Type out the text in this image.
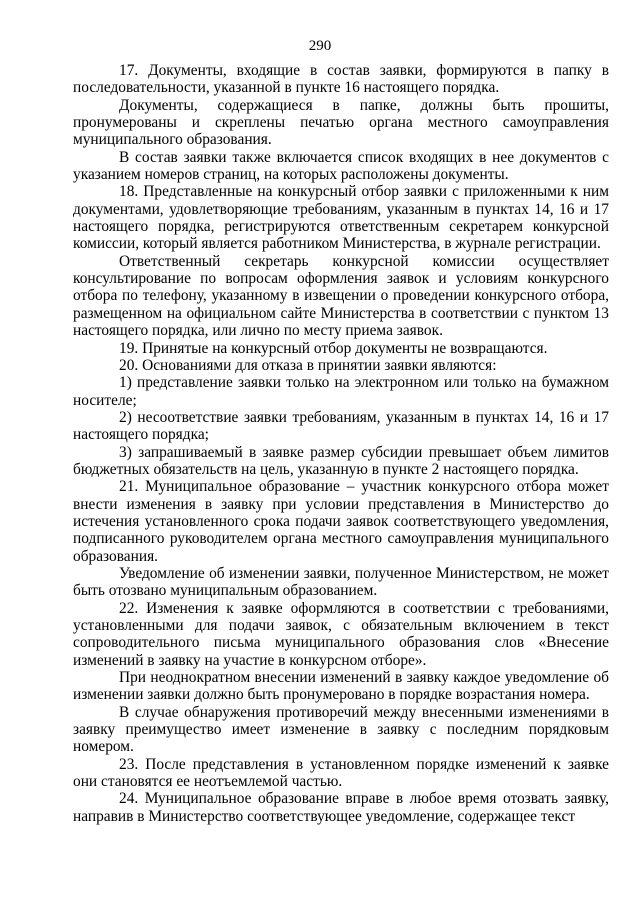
290

17. Документы, входящие в состав заявки, формируются в папку в последовательности, указанной в пункте 16 настоящего порядка.

Документы, содержащиеся в папке, должны быть прошиты, пронумерованы и скреплены печатью органа местного самоуправления муниципального образования.

В состав заявки также включается список входящих в нее документов с указанием номеров страниц, на которых расположены документы.

18. Представленные на конкурсный отбор заявки с приложенными к ним документами, удовлетворяющие требованиям, указанным в пунктах 14, 16 и 17 настоящего порядка, регистрируются ответственным секретарем конкурсной комиссии, который является работником Министерства, в журнале регистрации.

Ответственный секретарь конкурсной комиссии осуществляет консультирование по вопросам оформления заявок и условиям конкурсного отбора по телефону, указанному в извещении о проведении конкурсного отбора, размещенном на официальном сайте Министерства в соответствии с пунктом 13 настоящего порядка, или лично по месту приема заявок.

19. Принятые на конкурсный отбор документы не возвращаются.

20. Основаниями для отказа в принятии заявки являются:

1) представление заявки только на электронном или только на бумажном носителе;

2) несоответствие заявки требованиям, указанным в пунктах 14, 16 и 17 настоящего порядка;

3) запрашиваемый в заявке размер субсидии превышает объем лимитов бюджетных обязательств на цель, указанную в пункте 2 настоящего порядка.

21. Муниципальное образование – участник конкурсного отбора может внести изменения в заявку при условии представления в Министерство до истечения установленного срока подачи заявок соответствующего уведомления, подписанного руководителем органа местного самоуправления муниципального образования.

Уведомление об изменении заявки, полученное Министерством, не может быть отозвано муниципальным образованием.

22. Изменения к заявке оформляются в соответствии с требованиями, установленными для подачи заявок, с обязательным включением в текст сопроводительного письма муниципального образования слов «Внесение изменений в заявку на участие в конкурсном отборе».

При неоднократном внесении изменений в заявку каждое уведомление об изменении заявки должно быть пронумеровано в порядке возрастания номера.

В случае обнаружения противоречий между внесенными изменениями в заявку преимущество имеет изменение в заявку с последним порядковым номером.

23. После представления в установленном порядке изменений к заявке они становятся ее неотъемлемой частью.

24. Муниципальное образование вправе в любое время отозвать заявку, направив в Министерство соответствующее уведомление, содержащее текст
